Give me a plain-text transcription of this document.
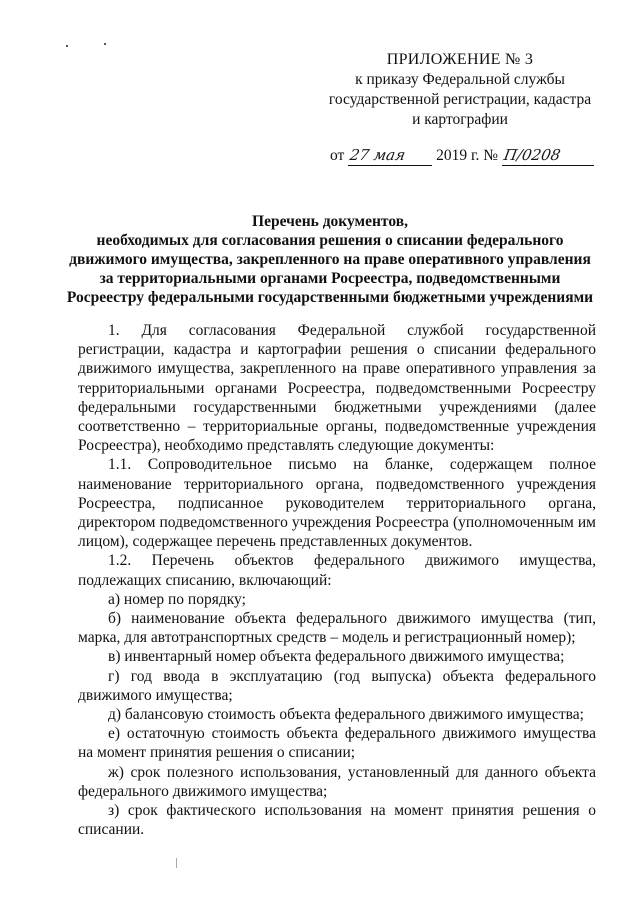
ПРИЛОЖЕНИЕ № 3
к приказу Федеральной службы
государственной регистрации, кадастра
и картографии
от 27 мая 2019 г. № П/0208
Перечень документов,
необходимых для согласования решения о списании федерального
движимого имущества, закрепленного на праве оперативного управления
за территориальными органами Росреестра, подведомственными
Росреестру федеральными государственными бюджетными учреждениями

1. Для согласования Федеральной службой государственной регистрации, кадастра и картографии решения о списании федерального движимого имущества, закрепленного на праве оперативного управления за территориальными органами Росреестра, подведомственными Росреестру федеральными государственными бюджетными учреждениями (далее соответственно – территориальные органы, подведомственные учреждения Росреестра), необходимо представлять следующие документы:

1.1. Сопроводительное письмо на бланке, содержащем полное наименование территориального органа, подведомственного учреждения Росреестра, подписанное руководителем территориального органа, директором подведомственного учреждения Росреестра (уполномоченным им лицом), содержащее перечень представленных документов.

1.2. Перечень объектов федерального движимого имущества, подлежащих списанию, включающий:

а) номер по порядку;

б) наименование объекта федерального движимого имущества (тип, марка, для автотранспортных средств – модель и регистрационный номер);

в) инвентарный номер объекта федерального движимого имущества;

г) год ввода в эксплуатацию (год выпуска) объекта федерального движимого имущества;

д) балансовую стоимость объекта федерального движимого имущества;

е) остаточную стоимость объекта федерального движимого имущества на момент принятия решения о списании;

ж) срок полезного использования, установленный для данного объекта федерального движимого имущества;

з) срок фактического использования на момент принятия решения о списании.
